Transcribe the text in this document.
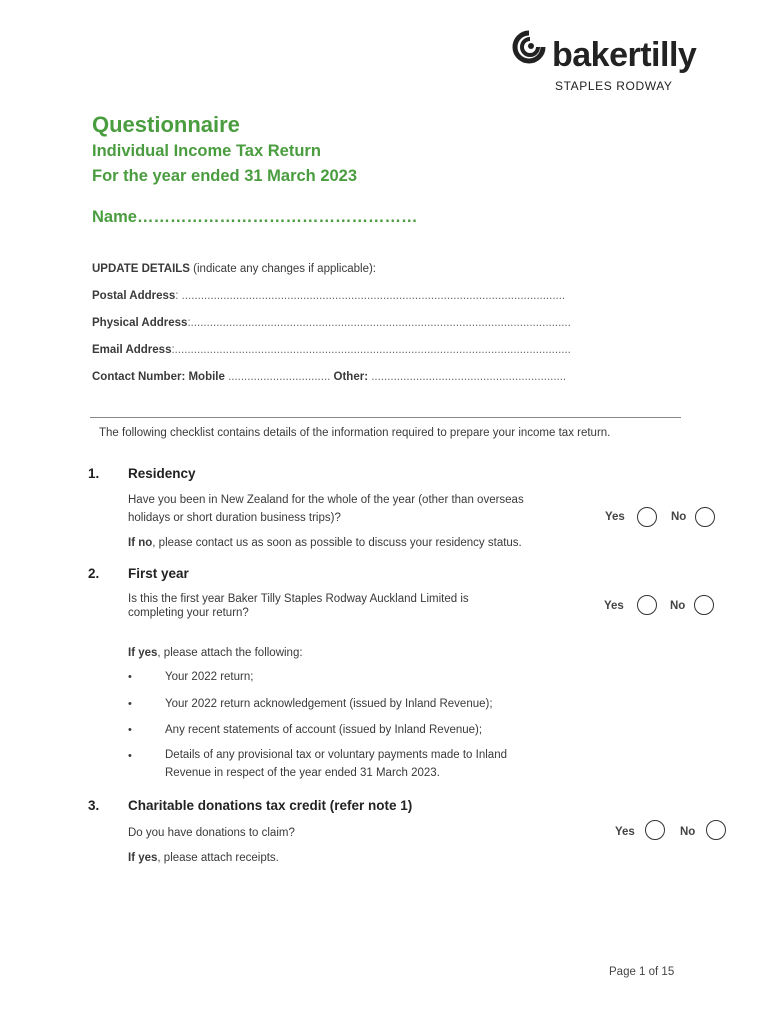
bakertilly
STAPLES RODWAY
Questionnaire
Individual Income Tax Return
For the year ended 31 March 2023
Name……………………………………………
UPDATE DETAILS (indicate any changes if applicable):
Postal Address: ........................................................................................................................
Physical Address:.......................................................................................................................
Email Address:............................................................................................................................
Contact Number: Mobile ................................ Other: .............................................................
The following checklist contains details of the information required to prepare your income tax return.
1. Residency
Have you been in New Zealand for the whole of the year (other than overseas
holidays or short duration business trips)?	Yes	No
If no, please contact us as soon as possible to discuss your residency status.
2. First year
Is this the first year Baker Tilly Staples Rodway Auckland Limited is
completing your return?
Yes	No
If yes, please attach the following:
•	Your 2022 return;
•	Your 2022 return acknowledgement (issued by Inland Revenue);
•	Any recent statements of account (issued by Inland Revenue);
•	Details of any provisional tax or voluntary payments made to Inland
Revenue in respect of the year ended 31 March 2023.
3. Charitable donations tax credit (refer note 1)
Do you have donations to claim?	Yes	No
If yes, please attach receipts.
Page 1 of 15
